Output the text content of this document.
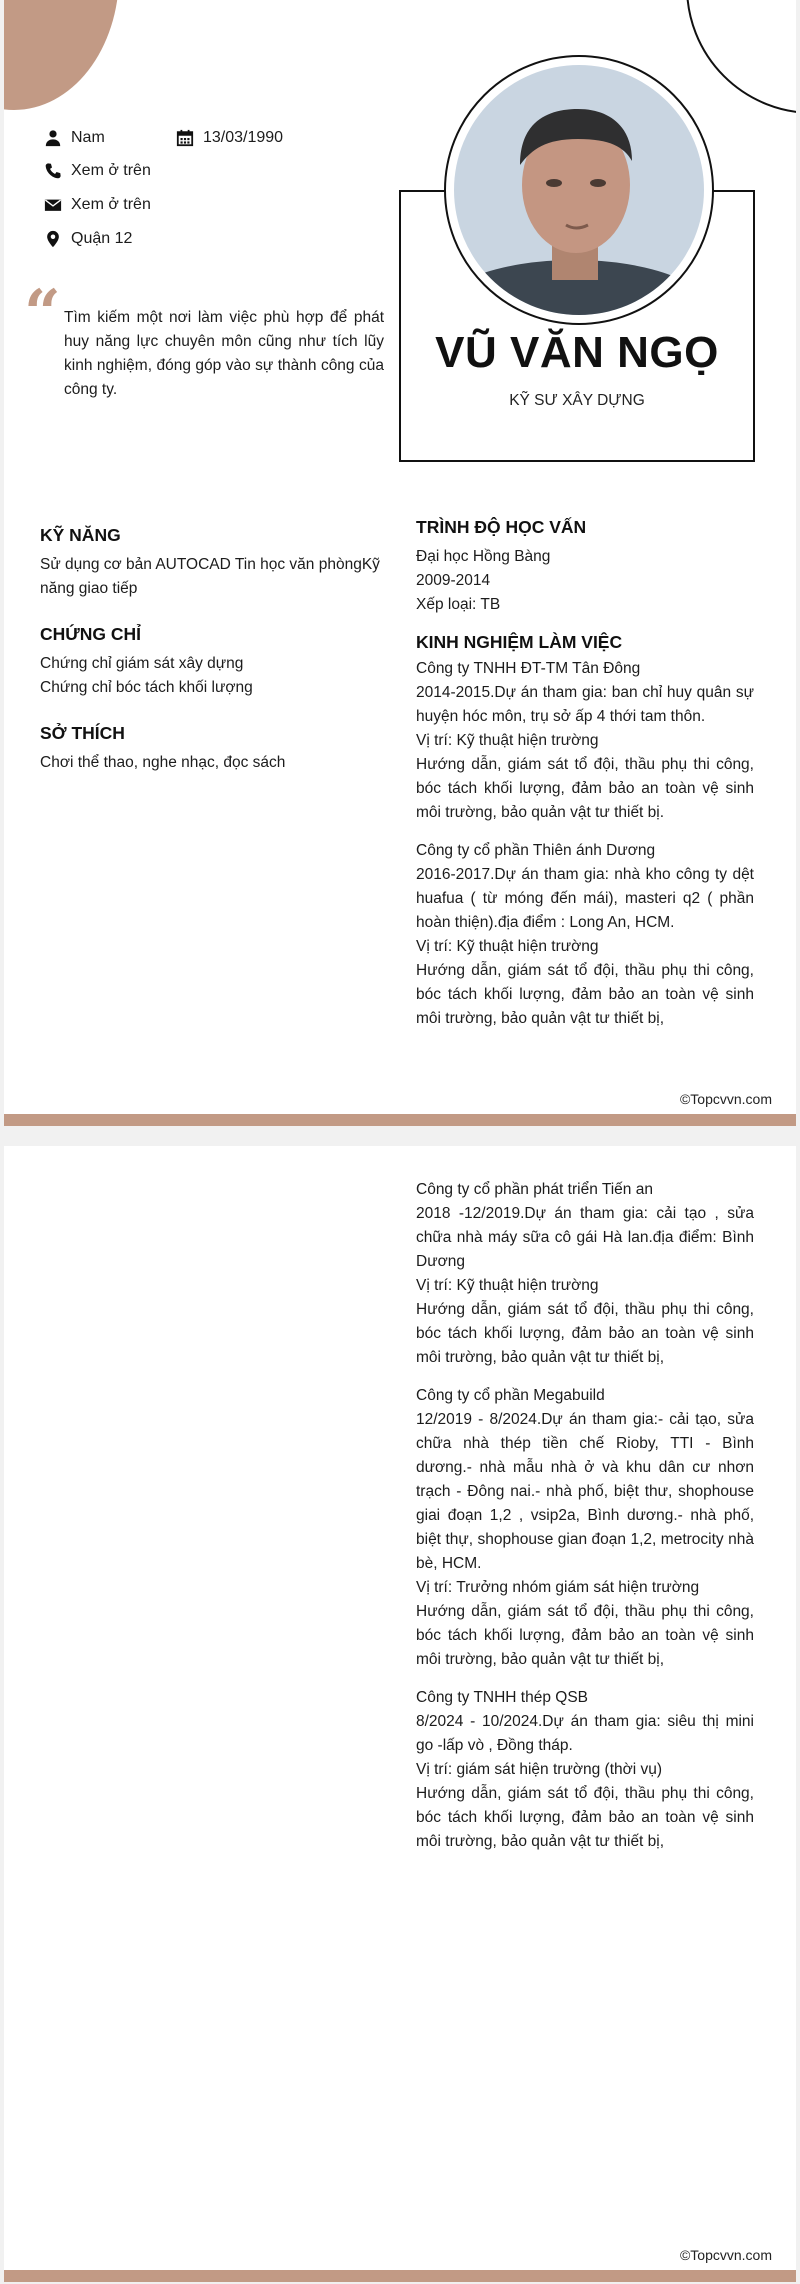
Nam	13/03/1990
Xem ở trên
Xem ở trên
Quận 12
“ Tìm kiếm một nơi làm việc phù hợp để phát huy năng lực chuyên môn cũng như tích lũy kinh nghiệm, đóng góp vào sự thành công của công ty.
VŨ VĂN NGỌ
KỸ SƯ XÂY DỰNG
KỸ NĂNG
Sử dụng cơ bản AUTOCAD Tin học văn phòngKỹ
năng giao tiếp
CHỨNG CHỈ
Chứng chỉ giám sát xây dựng
Chứng chỉ bóc tách khối lượng
SỞ THÍCH
Chơi thể thao, nghe nhạc, đọc sách
TRÌNH ĐỘ HỌC VẤN
Đại học Hồng Bàng
2009-2014
Xếp loại: TB
KINH NGHIỆM LÀM VIỆC
Công ty TNHH ĐT-TM Tân Đông
2014-2015.Dự án tham gia: ban chỉ huy quân sự huyện hóc môn, trụ sở ấp 4 thới tam thôn.
Vị trí: Kỹ thuật hiện trường
Hướng dẫn, giám sát tổ đội, thầu phụ thi công, bóc tách khối lượng, đảm bảo an toàn vệ sinh môi trường, bảo quản vật tư thiết bị.
Công ty cổ phần Thiên ánh Dương
2016-2017.Dự án tham gia: nhà kho công ty dệt huafua ( từ móng đến mái), masteri q2 ( phần hoàn thiện).địa điểm : Long An, HCM.
Vị trí: Kỹ thuật hiện trường
Hướng dẫn, giám sát tổ đội, thầu phụ thi công, bóc tách khối lượng, đảm bảo an toàn vệ sinh môi trường, bảo quản vật tư thiết bị,
©Topcvvn.com
Công ty cổ phần phát triển Tiến an
2018 -12/2019.Dự án tham gia: cải tạo , sửa chữa nhà máy sữa cô gái Hà lan.địa điểm: Bình Dương
Vị trí: Kỹ thuật hiện trường
Hướng dẫn, giám sát tổ đội, thầu phụ thi công, bóc tách khối lượng, đảm bảo an toàn vệ sinh môi trường, bảo quản vật tư thiết bị,
Công ty cổ phần Megabuild
12/2019 - 8/2024.Dự án tham gia:- cải tạo, sửa chữa nhà thép tiền chế Rioby, TTI - Bình dương.- nhà mẫu nhà ở và khu dân cư nhơn trạch - Đông nai.- nhà phố, biệt thư, shophouse giai đoạn 1,2 , vsip2a, Bình dương.- nhà phố, biệt thự, shophouse gian đoạn 1,2, metrocity nhà bè, HCM.
Vị trí: Trưởng nhóm giám sát hiện trường
Hướng dẫn, giám sát tổ đội, thầu phụ thi công, bóc tách khối lượng, đảm bảo an toàn vệ sinh môi trường, bảo quản vật tư thiết bị,
Công ty TNHH thép QSB
8/2024 - 10/2024.Dự án tham gia: siêu thị mini go -lấp vò , Đồng tháp.
Vị trí: giám sát hiện trường (thời vụ)
Hướng dẫn, giám sát tổ đội, thầu phụ thi công, bóc tách khối lượng, đảm bảo an toàn vệ sinh môi trường, bảo quản vật tư thiết bị,
©Topcvvn.com
